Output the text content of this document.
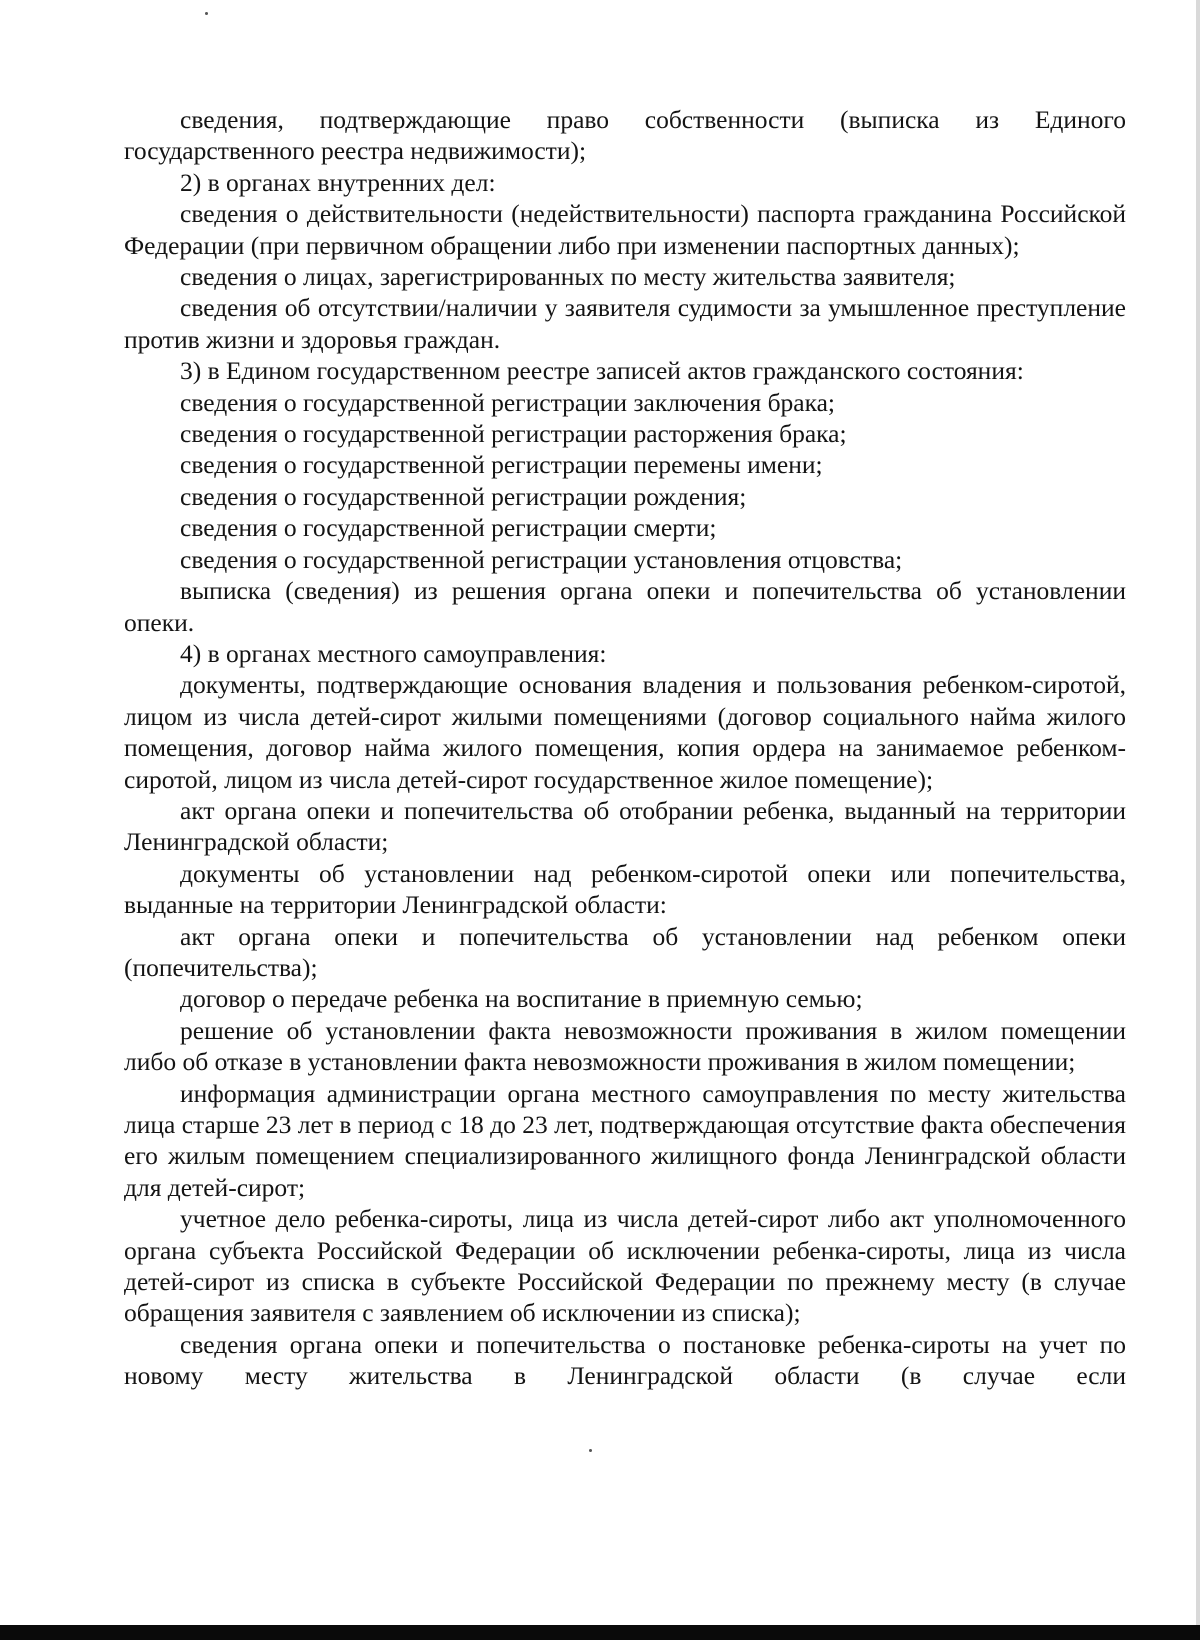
сведения, подтверждающие право собственности (выписка из Единого государственного реестра недвижимости);

2) в органах внутренних дел:

сведения о действительности (недействительности) паспорта гражданина Российской Федерации (при первичном обращении либо при изменении паспортных данных);

сведения о лицах, зарегистрированных по месту жительства заявителя;

сведения об отсутствии/наличии у заявителя судимости за умышленное преступление против жизни и здоровья граждан.

3) в Едином государственном реестре записей актов гражданского состояния:

сведения о государственной регистрации заключения брака;

сведения о государственной регистрации расторжения брака;

сведения о государственной регистрации перемены имени;

сведения о государственной регистрации рождения;

сведения о государственной регистрации смерти;

сведения о государственной регистрации установления отцовства;

выписка (сведения) из решения органа опеки и попечительства об установлении опеки.

4) в органах местного самоуправления:

документы, подтверждающие основания владения и пользования ребенком-сиротой, лицом из числа детей-сирот жилыми помещениями (договор социального найма жилого помещения, договор найма жилого помещения, копия ордера на занимаемое ребенком-сиротой, лицом из числа детей-сирот государственное жилое помещение);

акт органа опеки и попечительства об отобрании ребенка, выданный на территории Ленинградской области;

документы об установлении над ребенком-сиротой опеки или попечительства, выданные на территории Ленинградской области:

акт органа опеки и попечительства об установлении над ребенком опеки (попечительства);

договор о передаче ребенка на воспитание в приемную семью;

решение об установлении факта невозможности проживания в жилом помещении либо об отказе в установлении факта невозможности проживания в жилом помещении;

информация администрации органа местного самоуправления по месту жительства лица старше 23 лет в период с 18 до 23 лет, подтверждающая отсутствие факта обеспечения его жилым помещением специализированного жилищного фонда Ленинградской области для детей-сирот;

учетное дело ребенка-сироты, лица из числа детей-сирот либо акт уполномоченного органа субъекта Российской Федерации об исключении ребенка-сироты, лица из числа детей-сирот из списка в субъекте Российской Федерации по прежнему месту (в случае обращения заявителя с заявлением об исключении из списка);

сведения органа опеки и попечительства о постановке ребенка-сироты на учет по новому месту жительства в Ленинградской области (в случае если
